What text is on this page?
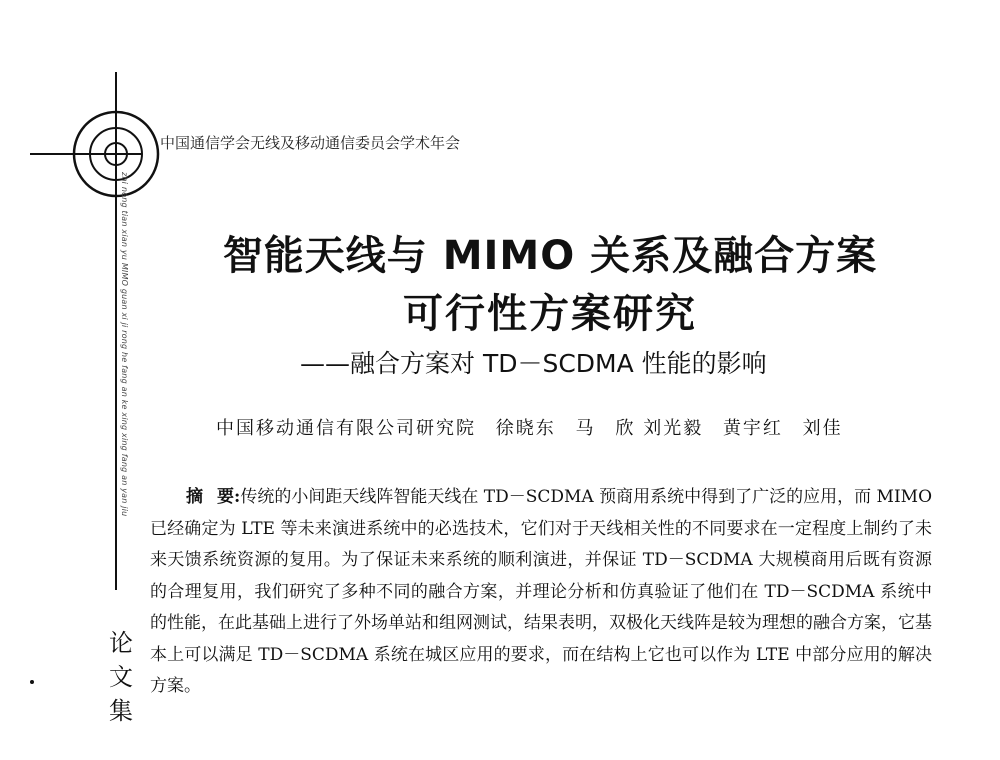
中国通信学会无线及移动通信委员会学术年会
zhi neng tian xian yu MIMO guan xi ji rong he fang an ke xing xing fang an yan jiu
论
文
集
智能天线与 MIMO 关系及融合方案
可行性方案研究
——融合方案对 TD－SCDMA 性能的影响
中国移动通信有限公司研究院 徐晓东 马　欣 刘光毅 黄宇红 刘佳
摘要:传统的小间距天线阵智能天线在 TD－SCDMA 预商用系统中得到了广泛的应用，而 MIMO 已经确定为 LTE 等未来演进系统中的必选技术，它们对于天线相关性的不同要求在一定程度上制约了未来天馈系统资源的复用。为了保证未来系统的顺利演进，并保证 TD－SCDMA 大规模商用后既有资源的合理复用，我们研究了多种不同的融合方案，并理论分析和仿真验证了他们在 TD－SCDMA 系统中的性能，在此基础上进行了外场单站和组网测试，结果表明，双极化天线阵是较为理想的融合方案，它基本上可以满足 TD－SCDMA 系统在城区应用的要求，而在结构上它也可以作为 LTE 中部分应用的解决方案。
